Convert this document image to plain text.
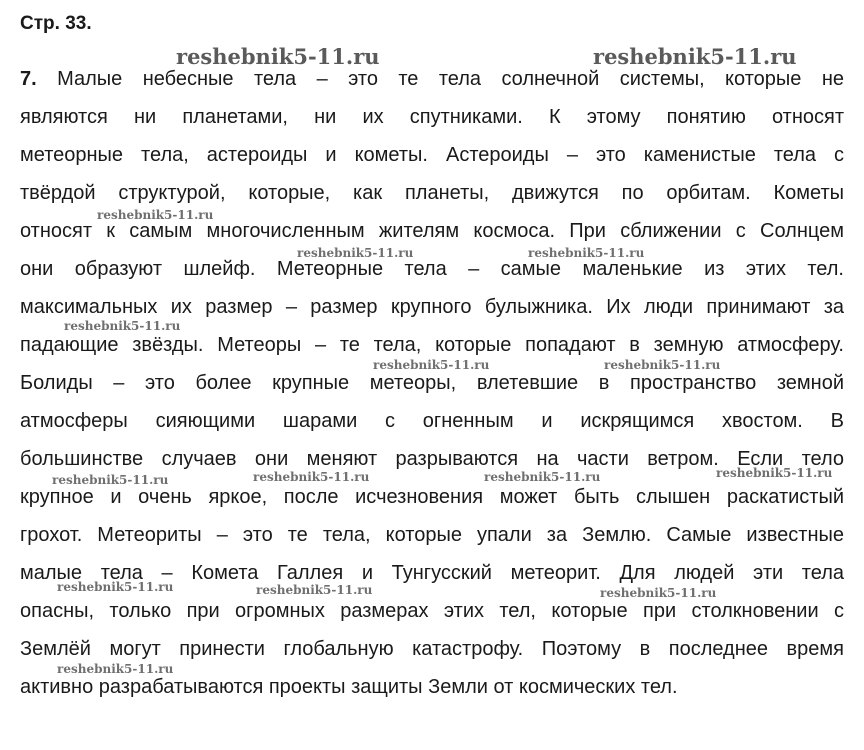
Стр. 33.
reshebnik5-11.ru	reshebnik5-11.ru
reshebnik5-11.ru
reshebnik5-11.ru	reshebnik5-11.ru
reshebnik5-11.ru
reshebnik5-11.ru	reshebnik5-11.ru
reshebnik5-11.ru	reshebnik5-11.ru	reshebnik5-11.ru	reshebnik5-11.ru
reshebnik5-11.ru	reshebnik5-11.ru	reshebnik5-11.ru
reshebnik5-11.ru
7. Малые небесные тела – это те тела солнечной системы, которые не
являются ни планетами, ни их спутниками. К этому понятию относят
метеорные тела, астероиды и кометы. Астероиды – это каменистые тела с
твёрдой структурой, которые, как планеты, движутся по орбитам. Кометы
относят к самым многочисленным жителям космоса. При сближении с Солнцем
они образуют шлейф. Метеорные тела – самые маленькие из этих тел.
максимальных их размер – размер крупного булыжника. Их люди принимают за
падающие звёзды. Метеоры – те тела, которые попадают в земную атмосферу.
Болиды – это более крупные метеоры, влетевшие в пространство земной
атмосферы сияющими шарами с огненным и искрящимся хвостом. В
большинстве случаев они меняют разрываются на части ветром. Если тело
крупное и очень яркое, после исчезновения может быть слышен раскатистый
грохот. Метеориты – это те тела, которые упали за Землю. Самые известные
малые тела – Комета Галлея и Тунгусский метеорит. Для людей эти тела
опасны, только при огромных размерах этих тел, которые при столкновении с
Землёй могут принести глобальную катастрофу. Поэтому в последнее время
активно разрабатываются проекты защиты Земли от космических тел.
